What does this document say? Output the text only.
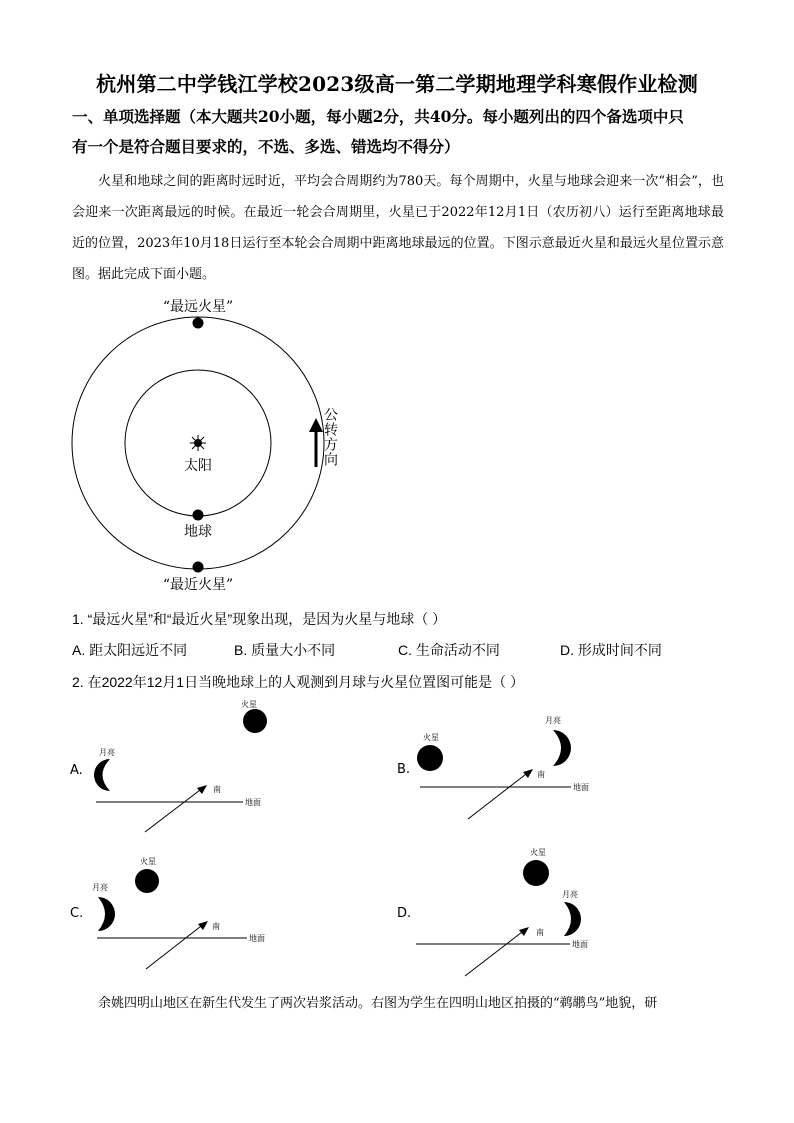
杭州第二中学钱江学校2023级高一第二学期地理学科寒假作业检测
一、单项选择题（本大题共20小题，每小题2分，共40分。每小题列出的四个备选项中只
有一个是符合题目要求的，不选、多选、错选均不得分）
火星和地球之间的距离时远时近，平均会合周期约为780天。每个周期中，火星与地球会迎来一次“相会”，也会迎来一次距离最远的时候。在最近一轮会合周期里，火星已于2022年12月1日（农历初八）运行至距离地球最近的位置，2023年10月18日运行至本轮会合周期中距离地球最远的位置。下图示意最近火星和最远火星位置示意图。据此完成下面小题。
“最远火星”
“最近火星”
太阳
地球
公转方向
1. “最远火星”和“最近火星”现象出现，是因为火星与地球（ ）
A. 距太阳远近不同	B. 质量大小不同	C. 生命活动不同	D. 形成时间不同
2. 在2022年12月1日当晚地球上的人观测到月球与火星位置图可能是（ ）
A.
火星
月亮
地面
南
B.
火星
月亮
地面
南
C.
火星
月亮
地面
南
D.
火星
月亮
地面
南
余姚四明山地区在新生代发生了两次岩浆活动。右图为学生在四明山地区拍摄的“鹈鹕鸟”地貌，研
